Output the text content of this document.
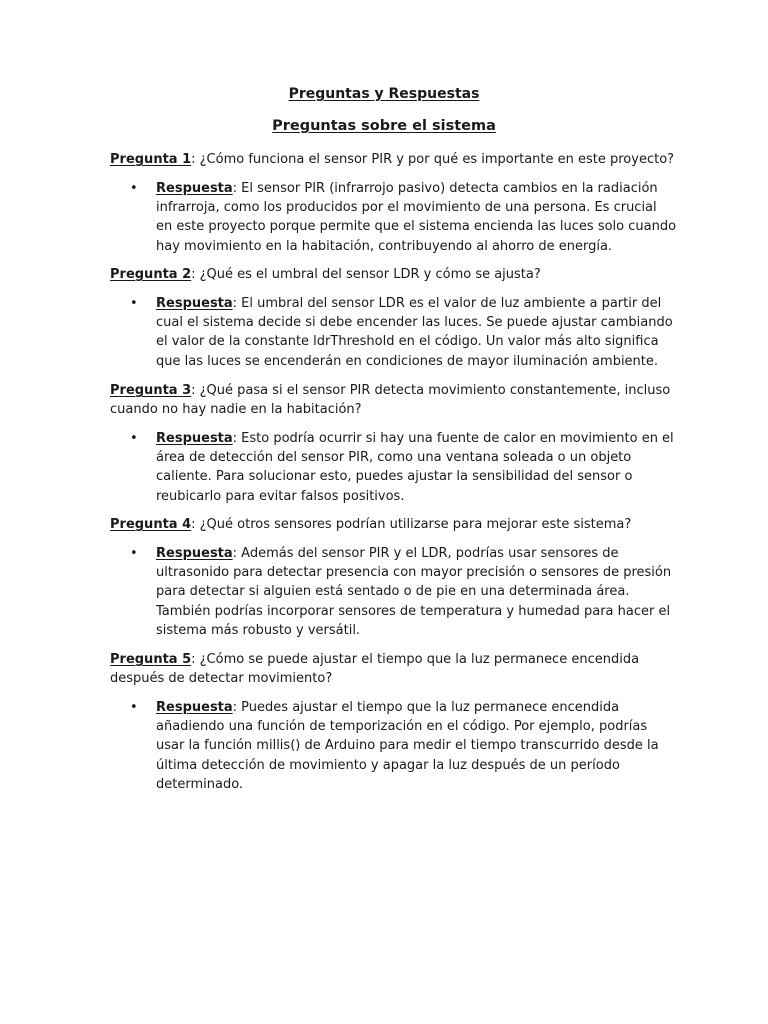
Preguntas y Respuestas
Preguntas sobre el sistema
Pregunta 1: ¿Cómo funciona el sensor PIR y por qué es importante en este proyecto?
• Respuesta: El sensor PIR (infrarrojo pasivo) detecta cambios en la radiación
infrarroja, como los producidos por el movimiento de una persona. Es crucial
en este proyecto porque permite que el sistema encienda las luces solo cuando
hay movimiento en la habitación, contribuyendo al ahorro de energía.
Pregunta 2: ¿Qué es el umbral del sensor LDR y cómo se ajusta?
• Respuesta: El umbral del sensor LDR es el valor de luz ambiente a partir del
cual el sistema decide si debe encender las luces. Se puede ajustar cambiando
el valor de la constante ldrThreshold en el código. Un valor más alto significa
que las luces se encenderán en condiciones de mayor iluminación ambiente.
Pregunta 3: ¿Qué pasa si el sensor PIR detecta movimiento constantemente, incluso
cuando no hay nadie en la habitación?
• Respuesta: Esto podría ocurrir si hay una fuente de calor en movimiento en el
área de detección del sensor PIR, como una ventana soleada o un objeto
caliente. Para solucionar esto, puedes ajustar la sensibilidad del sensor o
reubicarlo para evitar falsos positivos.
Pregunta 4: ¿Qué otros sensores podrían utilizarse para mejorar este sistema?
• Respuesta: Además del sensor PIR y el LDR, podrías usar sensores de
ultrasonido para detectar presencia con mayor precisión o sensores de presión
para detectar si alguien está sentado o de pie en una determinada área.
También podrías incorporar sensores de temperatura y humedad para hacer el
sistema más robusto y versátil.
Pregunta 5: ¿Cómo se puede ajustar el tiempo que la luz permanece encendida
después de detectar movimiento?
• Respuesta: Puedes ajustar el tiempo que la luz permanece encendida
añadiendo una función de temporización en el código. Por ejemplo, podrías
usar la función millis() de Arduino para medir el tiempo transcurrido desde la
última detección de movimiento y apagar la luz después de un período
determinado.
